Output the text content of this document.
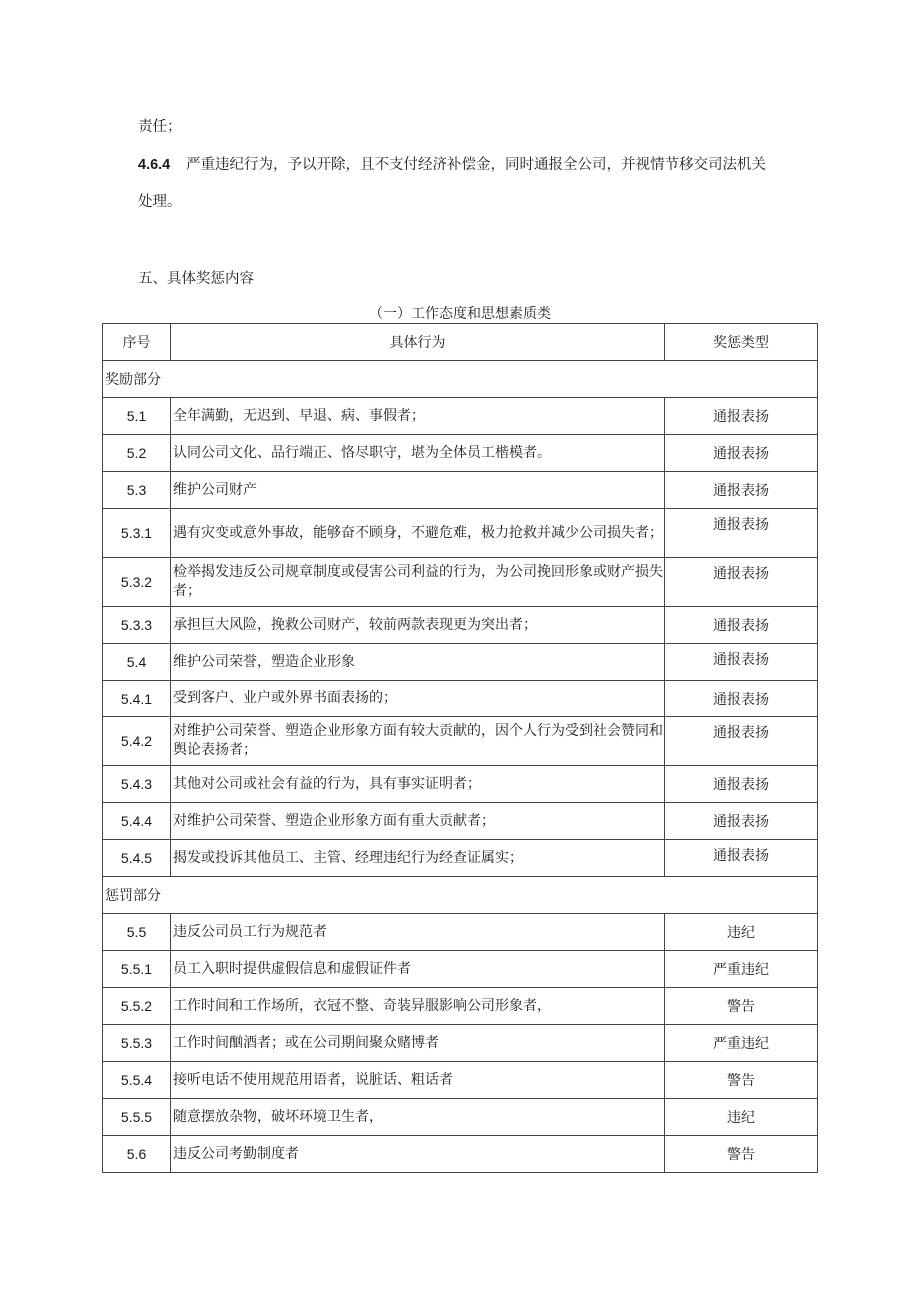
责任；
4.6.4 严重违纪行为，予以开除，且不支付经济补偿金，同时通报全公司，并视情节移交司法机关
处理。
五、具体奖惩内容
（一）工作态度和思想素质类
序号	具体行为	奖惩类型
奖励部分		
5.1	全年满勤，无迟到、早退、病、事假者；	通报表扬
5.2	认同公司文化、品行端正、恪尽职守，堪为全体员工楷模者。	通报表扬
5.3	维护公司财产	通报表扬
5.3.1	遇有灾变或意外事故，能够奋不顾身，不避危难，极力抢救并减少公司损失者；	通报表扬
5.3.2	检举揭发违反公司规章制度或侵害公司利益的行为，为公司挽回形象或财产损失者；	通报表扬
5.3.3	承担巨大风险，挽救公司财产，较前两款表现更为突出者；	通报表扬
5.4	维护公司荣誉，塑造企业形象	通报表扬
5.4.1	受到客户、业户或外界书面表扬的；	通报表扬
5.4.2	对维护公司荣誉、塑造企业形象方面有较大贡献的，因个人行为受到社会赞同和舆论表扬者；	通报表扬
5.4.3	其他对公司或社会有益的行为，具有事实证明者；	通报表扬
5.4.4	对维护公司荣誉、塑造企业形象方面有重大贡献者；	通报表扬
5.4.5	揭发或投诉其他员工、主管、经理违纪行为经查证属实；	通报表扬
惩罚部分		
5.5	违反公司员工行为规范者	违纪
5.5.1	员工入职时提供虚假信息和虚假证件者	严重违纪
5.5.2	工作时间和工作场所，衣冠不整、奇装异服影响公司形象者，	警告
5.5.3	工作时间酗酒者；或在公司期间聚众赌博者	严重违纪
5.5.4	接听电话不使用规范用语者，说脏话、粗话者	警告
5.5.5	随意摆放杂物，破坏环境卫生者，	违纪
5.6	违反公司考勤制度者	警告
